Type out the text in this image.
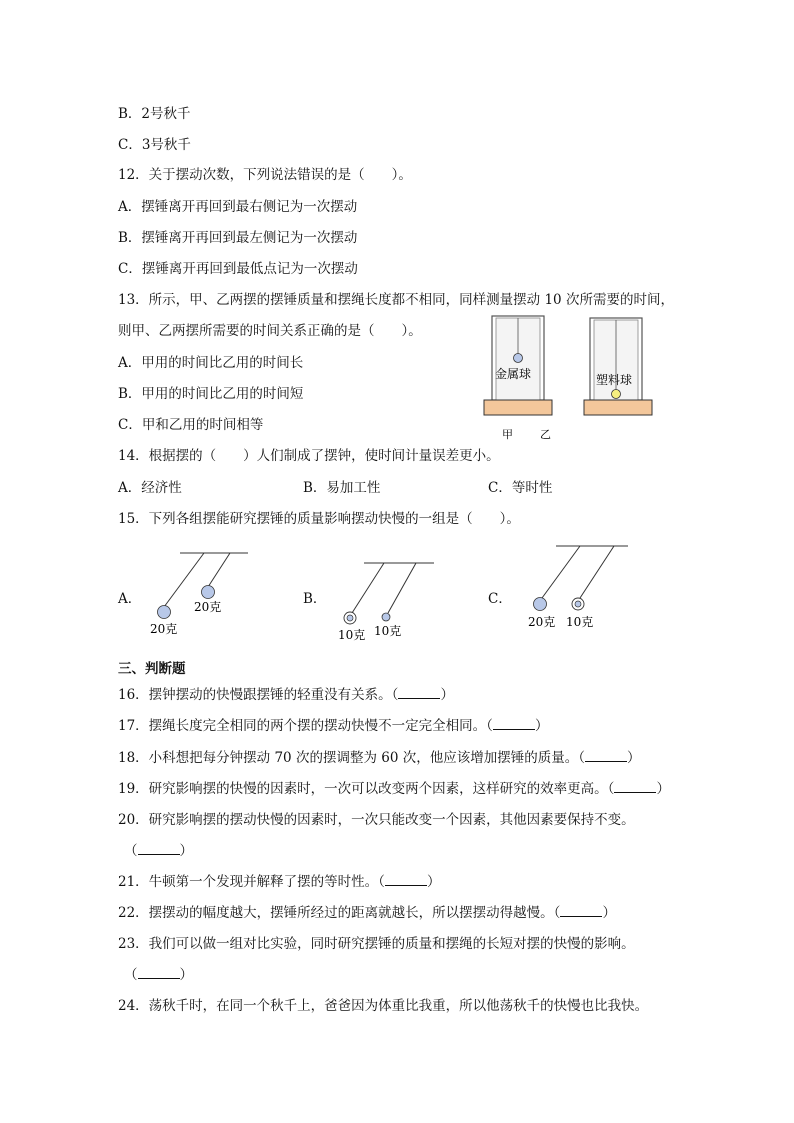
B．2号秋千
C．3号秋千
12．关于摆动次数，下列说法错误的是（　　）。
A．摆锤离开再回到最右侧记为一次摆动
B．摆锤离开再回到最左侧记为一次摆动
C．摆锤离开再回到最低点记为一次摆动
13．所示，甲、乙两摆的摆锤质量和摆绳长度都不相同，同样测量摆动 10 次所需要的时间，
则甲、乙两摆所需要的时间关系正确的是（　　）。
A．甲用的时间比乙用的时间长
B．甲用的时间比乙用的时间短
C．甲和乙用的时间相等
金属球	塑料球
甲 乙
14．根据摆的（　　）人们制成了摆钟，使时间计量误差更小。
A．经济性	B．易加工性	C．等时性
15．下列各组摆能研究摆锤的质量影响摆动快慢的一组是（　　）。
A．	B．	C．
20克
20克
10克 10克
20克 10克
三、判断题
16．摆钟摆动的快慢跟摆锤的轻重没有关系。（	）
17．摆绳长度完全相同的两个摆的摆动快慢不一定完全相同。（	）
18．小科想把每分钟摆动 70 次的摆调整为 60 次，他应该增加摆锤的质量。（	）
19．研究影响摆的快慢的因素时，一次可以改变两个因素，这样研究的效率更高。（	）
20．研究影响摆的摆动快慢的因素时，一次只能改变一个因素，其他因素要保持不变。
（	）
21．牛顿第一个发现并解释了摆的等时性。（	）
22．摆摆动的幅度越大，摆锤所经过的距离就越长，所以摆摆动得越慢。（	）
23．我们可以做一组对比实验，同时研究摆锤的质量和摆绳的长短对摆的快慢的影响。
（	）
24．荡秋千时，在同一个秋千上，爸爸因为体重比我重，所以他荡秋千的快慢也比我快。
